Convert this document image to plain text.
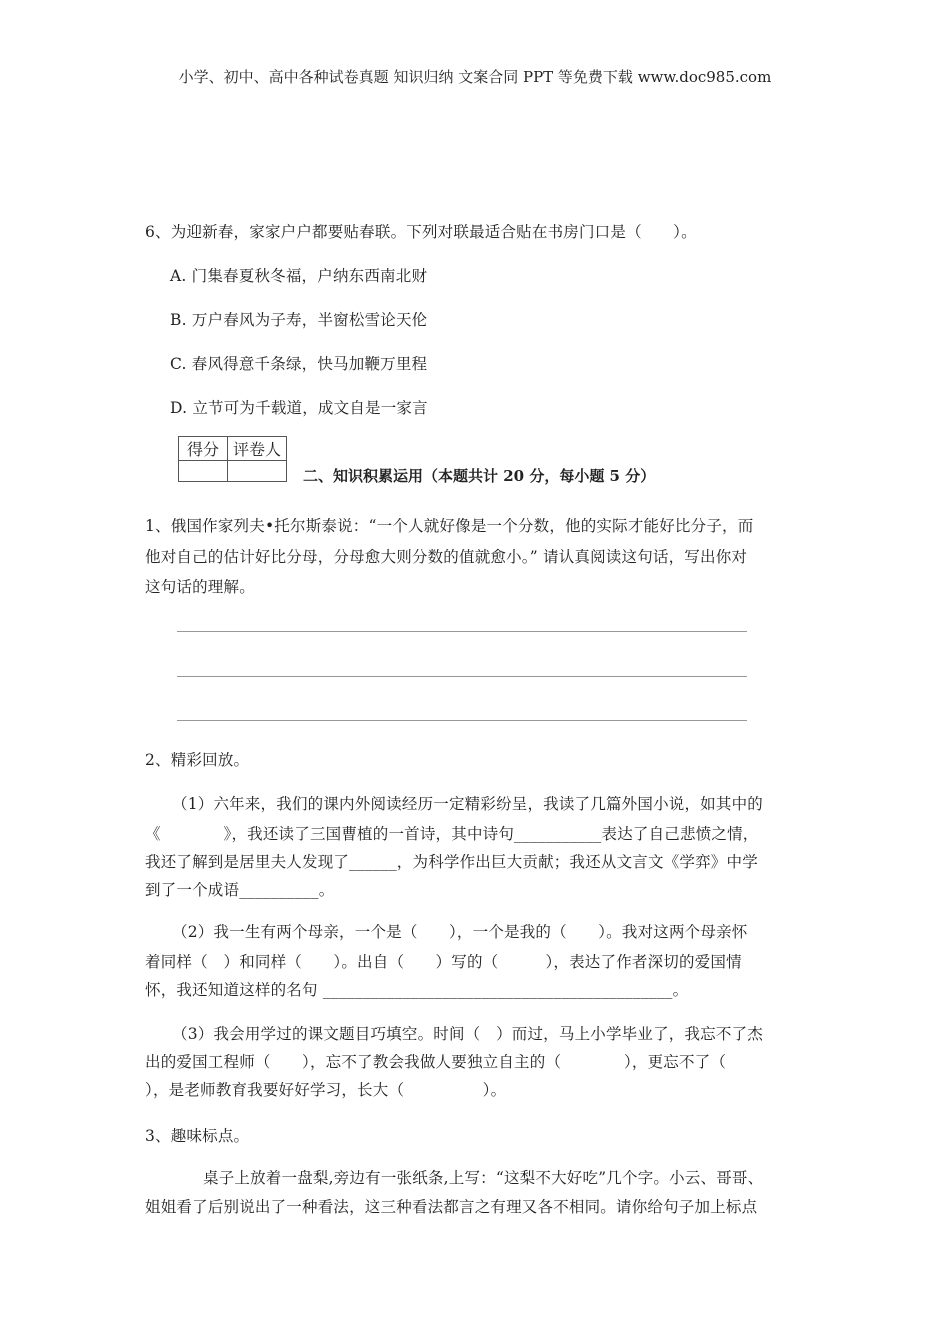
小学、初中、高中各种试卷真题 知识归纳 文案合同 PPT 等免费下载 www.doc985.com
6、为迎新春，家家户户都要贴春联。下列对联最适合贴在书房门口是（　　）。
A. 门集春夏秋冬福，户纳东西南北财
B. 万户春风为子寿，半窗松雪论天伦
C. 春风得意千条绿，快马加鞭万里程
D. 立节可为千载道，成文自是一家言
得分	评卷人

二、知识积累运用（本题共计 20 分，每小题 5 分）
1、俄国作家列夫•托尔斯泰说：“一个人就好像是一个分数，他的实际才能好比分子，而
他对自己的估计好比分母，分母愈大则分数的值就愈小。” 请认真阅读这句话，写出你对
这句话的理解。
2、精彩回放。
（1）六年来，我们的课内外阅读经历一定精彩纷呈，我读了几篇外国小说，如其中的
《　　　　》，我还读了三国曹植的一首诗，其中诗句___________表达了自己悲愤之情，
我还了解到是居里夫人发现了______，为科学作出巨大贡献；我还从文言文《学弈》中学
到了一个成语__________。
（2）我一生有两个母亲，一个是（　　），一个是我的（　　）。我对这两个母亲怀
着同样（　）和同样（　　）。出自（　　）写的（　　　），表达了作者深切的爱国情
怀，我还知道这样的名句 ____________________________________________。
（3）我会用学过的课文题目巧填空。时间（　）而过，马上小学毕业了，我忘不了杰
出的爱国工程师（　　），忘不了教会我做人要独立自主的（　　　　），更忘不了（
），是老师教育我要好好学习，长大（　　　　　）。
3、趣味标点。
桌子上放着一盘梨,旁边有一张纸条,上写：“这梨不大好吃”几个字。小云、哥哥、
姐姐看了后别说出了一种看法，这三种看法都言之有理又各不相同。请你给句子加上标点
